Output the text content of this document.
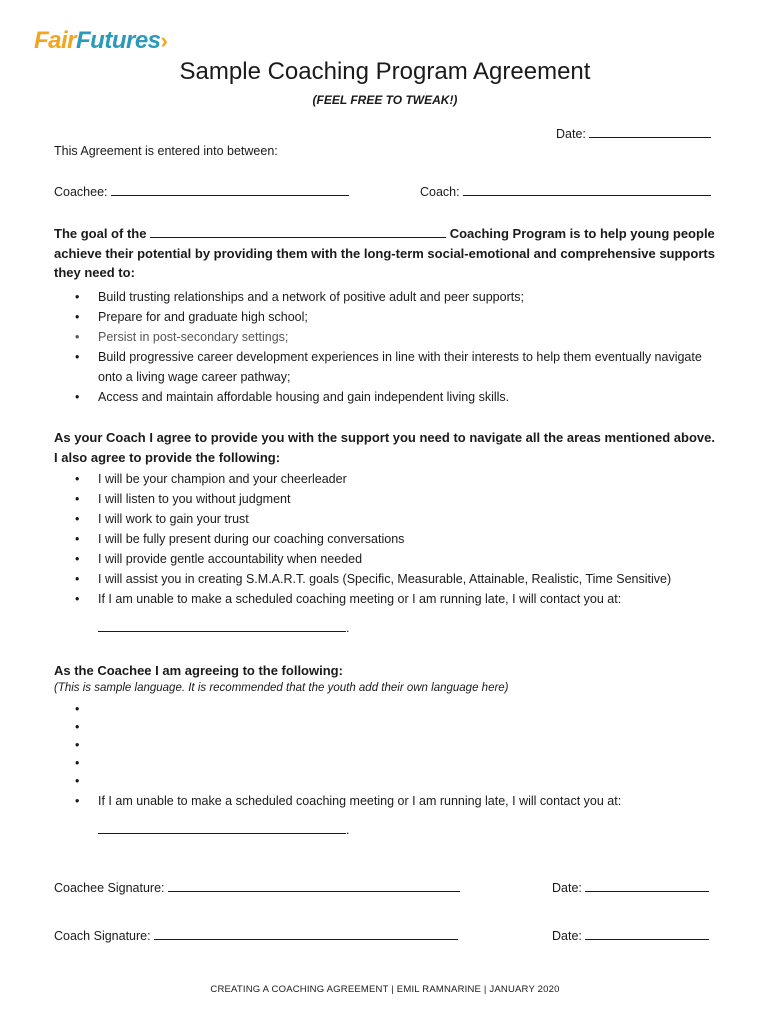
FairFutures›
Sample Coaching Program Agreement
(FEEL FREE TO TWEAK!)
Date:
This Agreement is entered into between:
Coachee:	Coach:
The goal of the	Coaching Program is to help young people achieve their potential by providing them with the long-term social-emotional and comprehensive supports they need to:
• Build trusting relationships and a network of positive adult and peer supports;
• Prepare for and graduate high school;
• Persist in post-secondary settings;
• Build progressive career development experiences in line with their interests to help them eventually navigate onto a living wage career pathway;
• Access and maintain affordable housing and gain independent living skills.
As your Coach I agree to provide you with the support you need to navigate all the areas mentioned above. I also agree to provide the following:
• I will be your champion and your cheerleader
• I will listen to you without judgment
• I will work to gain your trust
• I will be fully present during our coaching conversations
• I will provide gentle accountability when needed
• I will assist you in creating S.M.A.R.T. goals (Specific, Measurable, Attainable, Realistic, Time Sensitive)
• If I am unable to make a scheduled coaching meeting or I am running late, I will contact you at:
.
As the Coachee I am agreeing to the following:
(This is sample language. It is recommended that the youth add their own language here)
•
•
•
•
•
• If I am unable to make a scheduled coaching meeting or I am running late, I will contact you at:
.
Coachee Signature:	Date:
Coach Signature:	Date:
CREATING A COACHING AGREEMENT | EMIL RAMNARINE | JANUARY 2020
